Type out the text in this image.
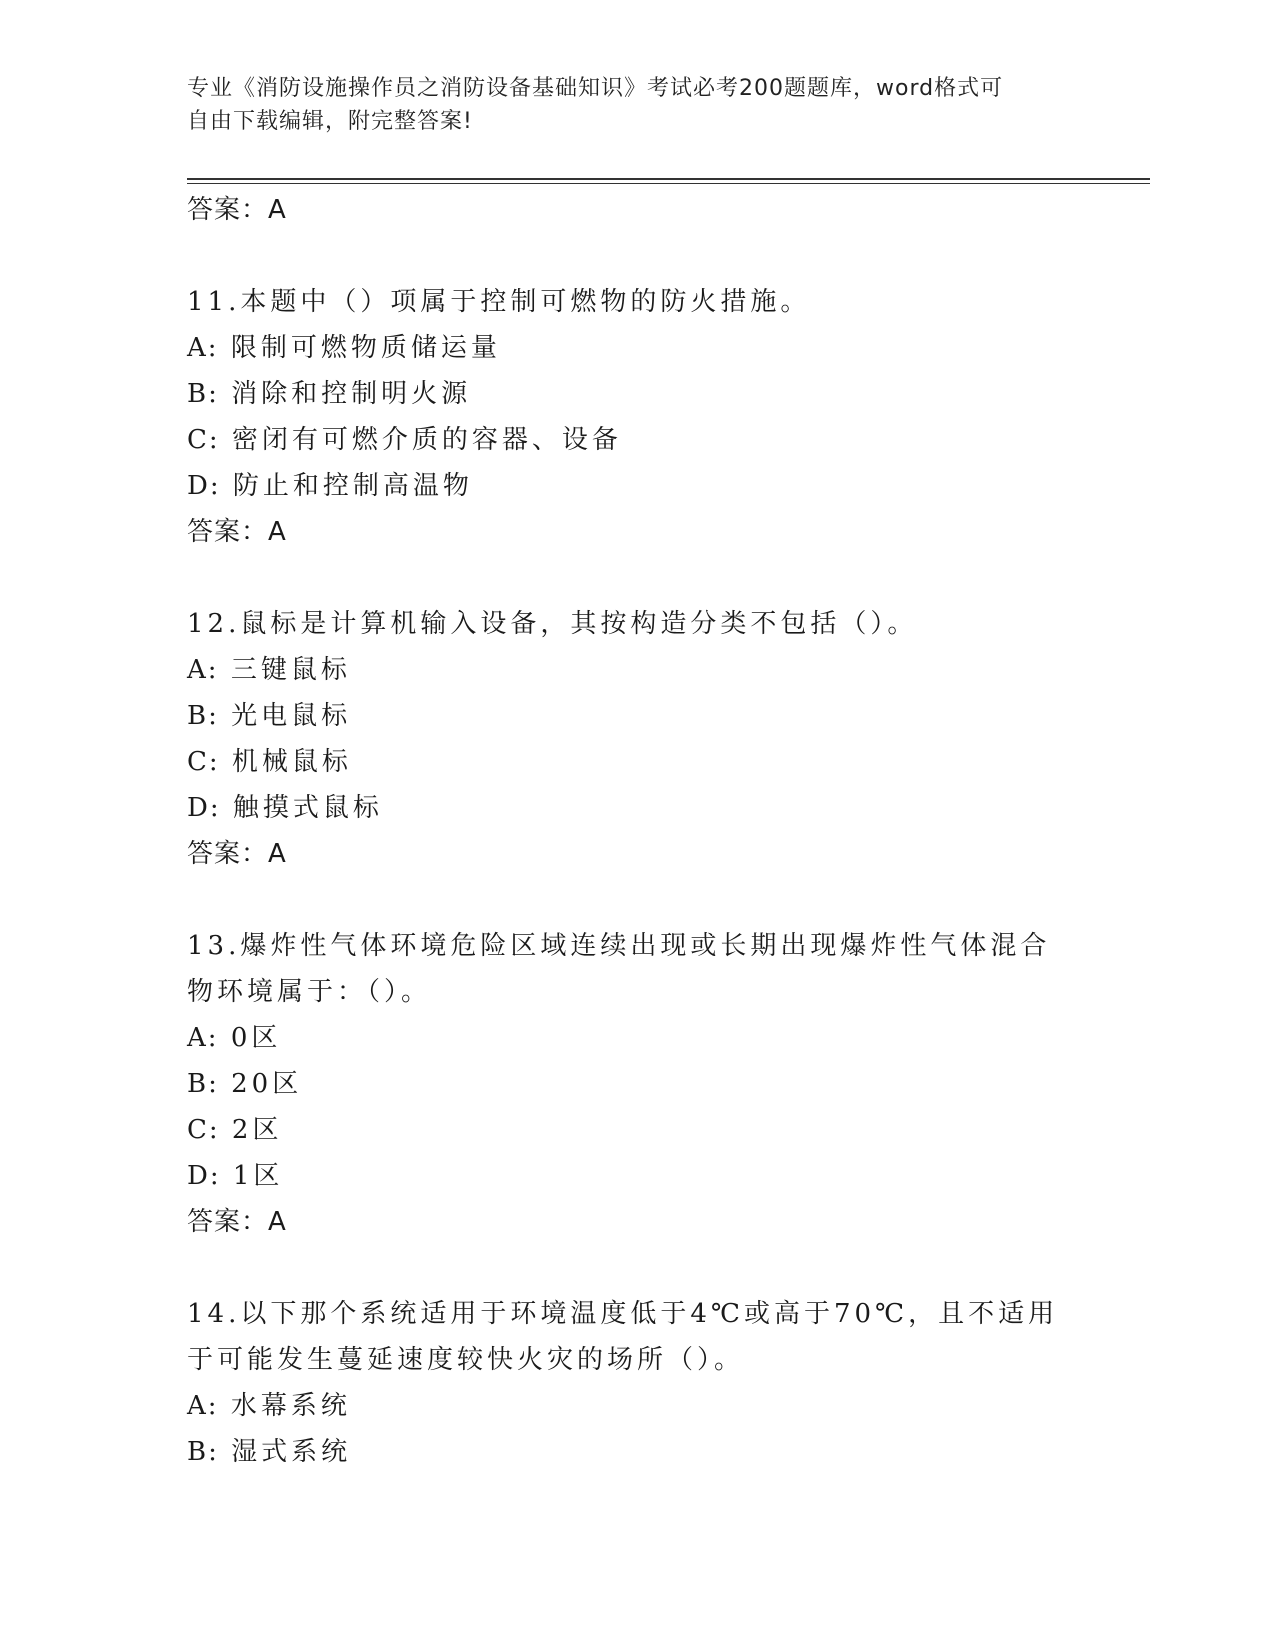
专业《消防设施操作员之消防设备基础知识》考试必考200题题库，word格式可
自由下载编辑，附完整答案!
答案：A
11.本题中（）项属于控制可燃物的防火措施。
A: 限制可燃物质储运量
B: 消除和控制明火源
C: 密闭有可燃介质的容器、设备
D: 防止和控制高温物
答案：A
12.鼠标是计算机输入设备，其按构造分类不包括（）。
A: 三键鼠标
B: 光电鼠标
C: 机械鼠标
D: 触摸式鼠标
答案：A
13.爆炸性气体环境危险区域连续出现或长期出现爆炸性气体混合物环境属于：（）。
A: 0区
B: 20区
C: 2区
D: 1区
答案：A
14.以下那个系统适用于环境温度低于4℃或高于70℃，且不适用于可能发生蔓延速度较快火灾的场所（）。
A: 水幕系统
B: 湿式系统
